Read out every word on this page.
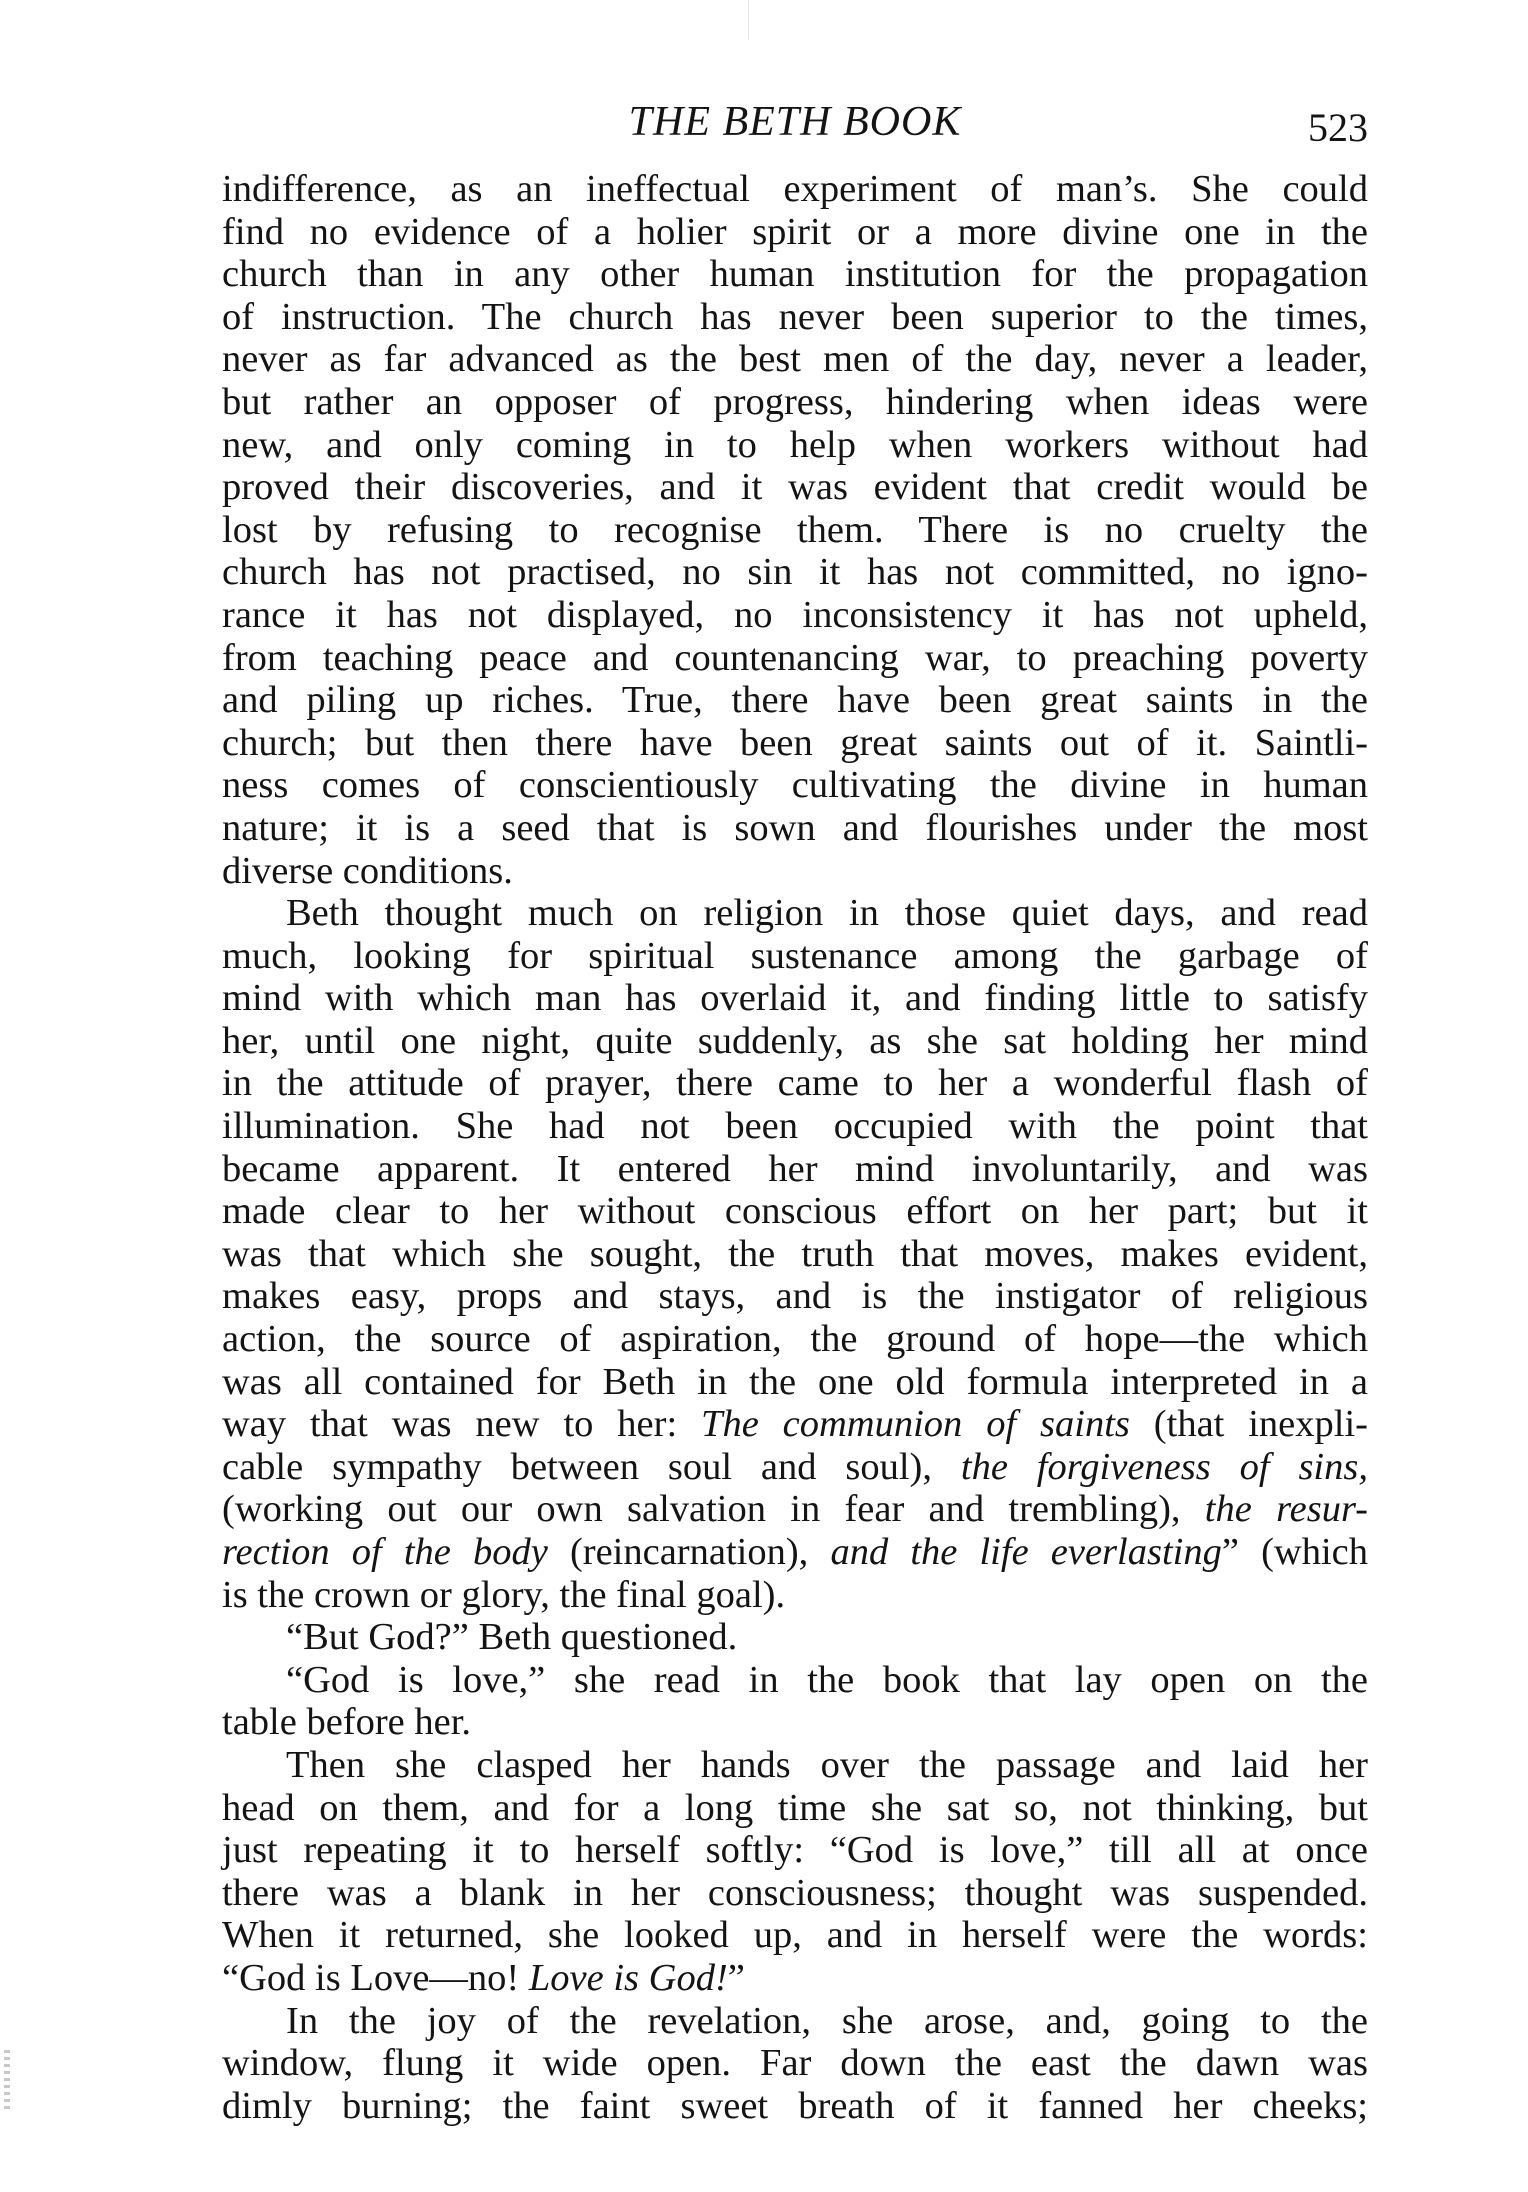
THE BETH BOOK	523
indifference, as an ineffectual experiment of man’s. She could
find no evidence of a holier spirit or a more divine one in the
church than in any other human institution for the propagation
of instruction. The church has never been superior to the times,
never as far advanced as the best men of the day, never a leader,
but rather an opposer of progress, hindering when ideas were
new, and only coming in to help when workers without had
proved their discoveries, and it was evident that credit would be
lost by refusing to recognise them. There is no cruelty the
church has not practised, no sin it has not committed, no igno-
rance it has not displayed, no inconsistency it has not upheld,
from teaching peace and countenancing war, to preaching poverty
and piling up riches. True, there have been great saints in the
church; but then there have been great saints out of it. Saintli-
ness comes of conscientiously cultivating the divine in human
nature; it is a seed that is sown and flourishes under the most
diverse conditions.
Beth thought much on religion in those quiet days, and read
much, looking for spiritual sustenance among the garbage of
mind with which man has overlaid it, and finding little to satisfy
her, until one night, quite suddenly, as she sat holding her mind
in the attitude of prayer, there came to her a wonderful flash of
illumination. She had not been occupied with the point that
became apparent. It entered her mind involuntarily, and was
made clear to her without conscious effort on her part; but it
was that which she sought, the truth that moves, makes evident,
makes easy, props and stays, and is the instigator of religious
action, the source of aspiration, the ground of hope—the which
was all contained for Beth in the one old formula interpreted in a
way that was new to her: The communion of saints (that inexpli-
cable sympathy between soul and soul), the forgiveness of sins,
(working out our own salvation in fear and trembling), the resur-
rection of the body (reincarnation), and the life everlasting” (which
is the crown or glory, the final goal).
“But God?” Beth questioned.
“God is love,” she read in the book that lay open on the
table before her.
Then she clasped her hands over the passage and laid her
head on them, and for a long time she sat so, not thinking, but
just repeating it to herself softly: “God is love,” till all at once
there was a blank in her consciousness; thought was suspended.
When it returned, she looked up, and in herself were the words:
“God is Love—no! Love is God!”
In the joy of the revelation, she arose, and, going to the
window, flung it wide open. Far down the east the dawn was
dimly burning; the faint sweet breath of it fanned her cheeks;
